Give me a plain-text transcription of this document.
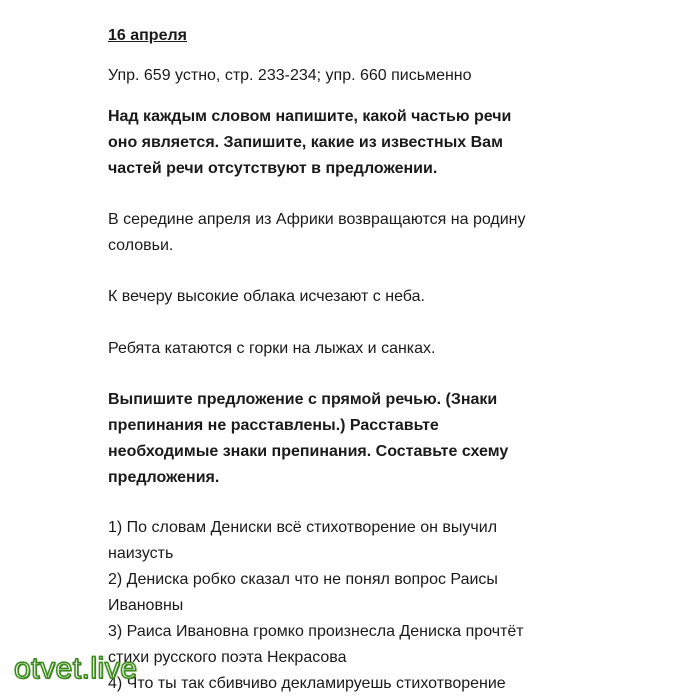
16 апреля
Упр. 659 устно, стр. 233-234; упр. 660 письменно
Над каждым словом напишите, какой частью речи
оно является. Запишите, какие из известных Вам
частей речи отсутствуют в предложении.
В середине апреля из Африки возвращаются на родину
соловьи.
К вечеру высокие облака исчезают с неба.
Ребята катаются с горки на лыжах и санках.
Выпишите предложение с прямой речью. (Знаки
препинания не расставлены.) Расставьте
необходимые знаки препинания. Составьте схему
предложения.
1) По словам Дениски всё стихотворение он выучил
наизусть
2) Дениска робко сказал что не понял вопрос Раисы
Ивановны
3) Раиса Ивановна громко произнесла Дениска прочтёт
стихи русского поэта Некрасова
4) Что ты так сбивчиво декламируешь стихотворение
otvet.live
